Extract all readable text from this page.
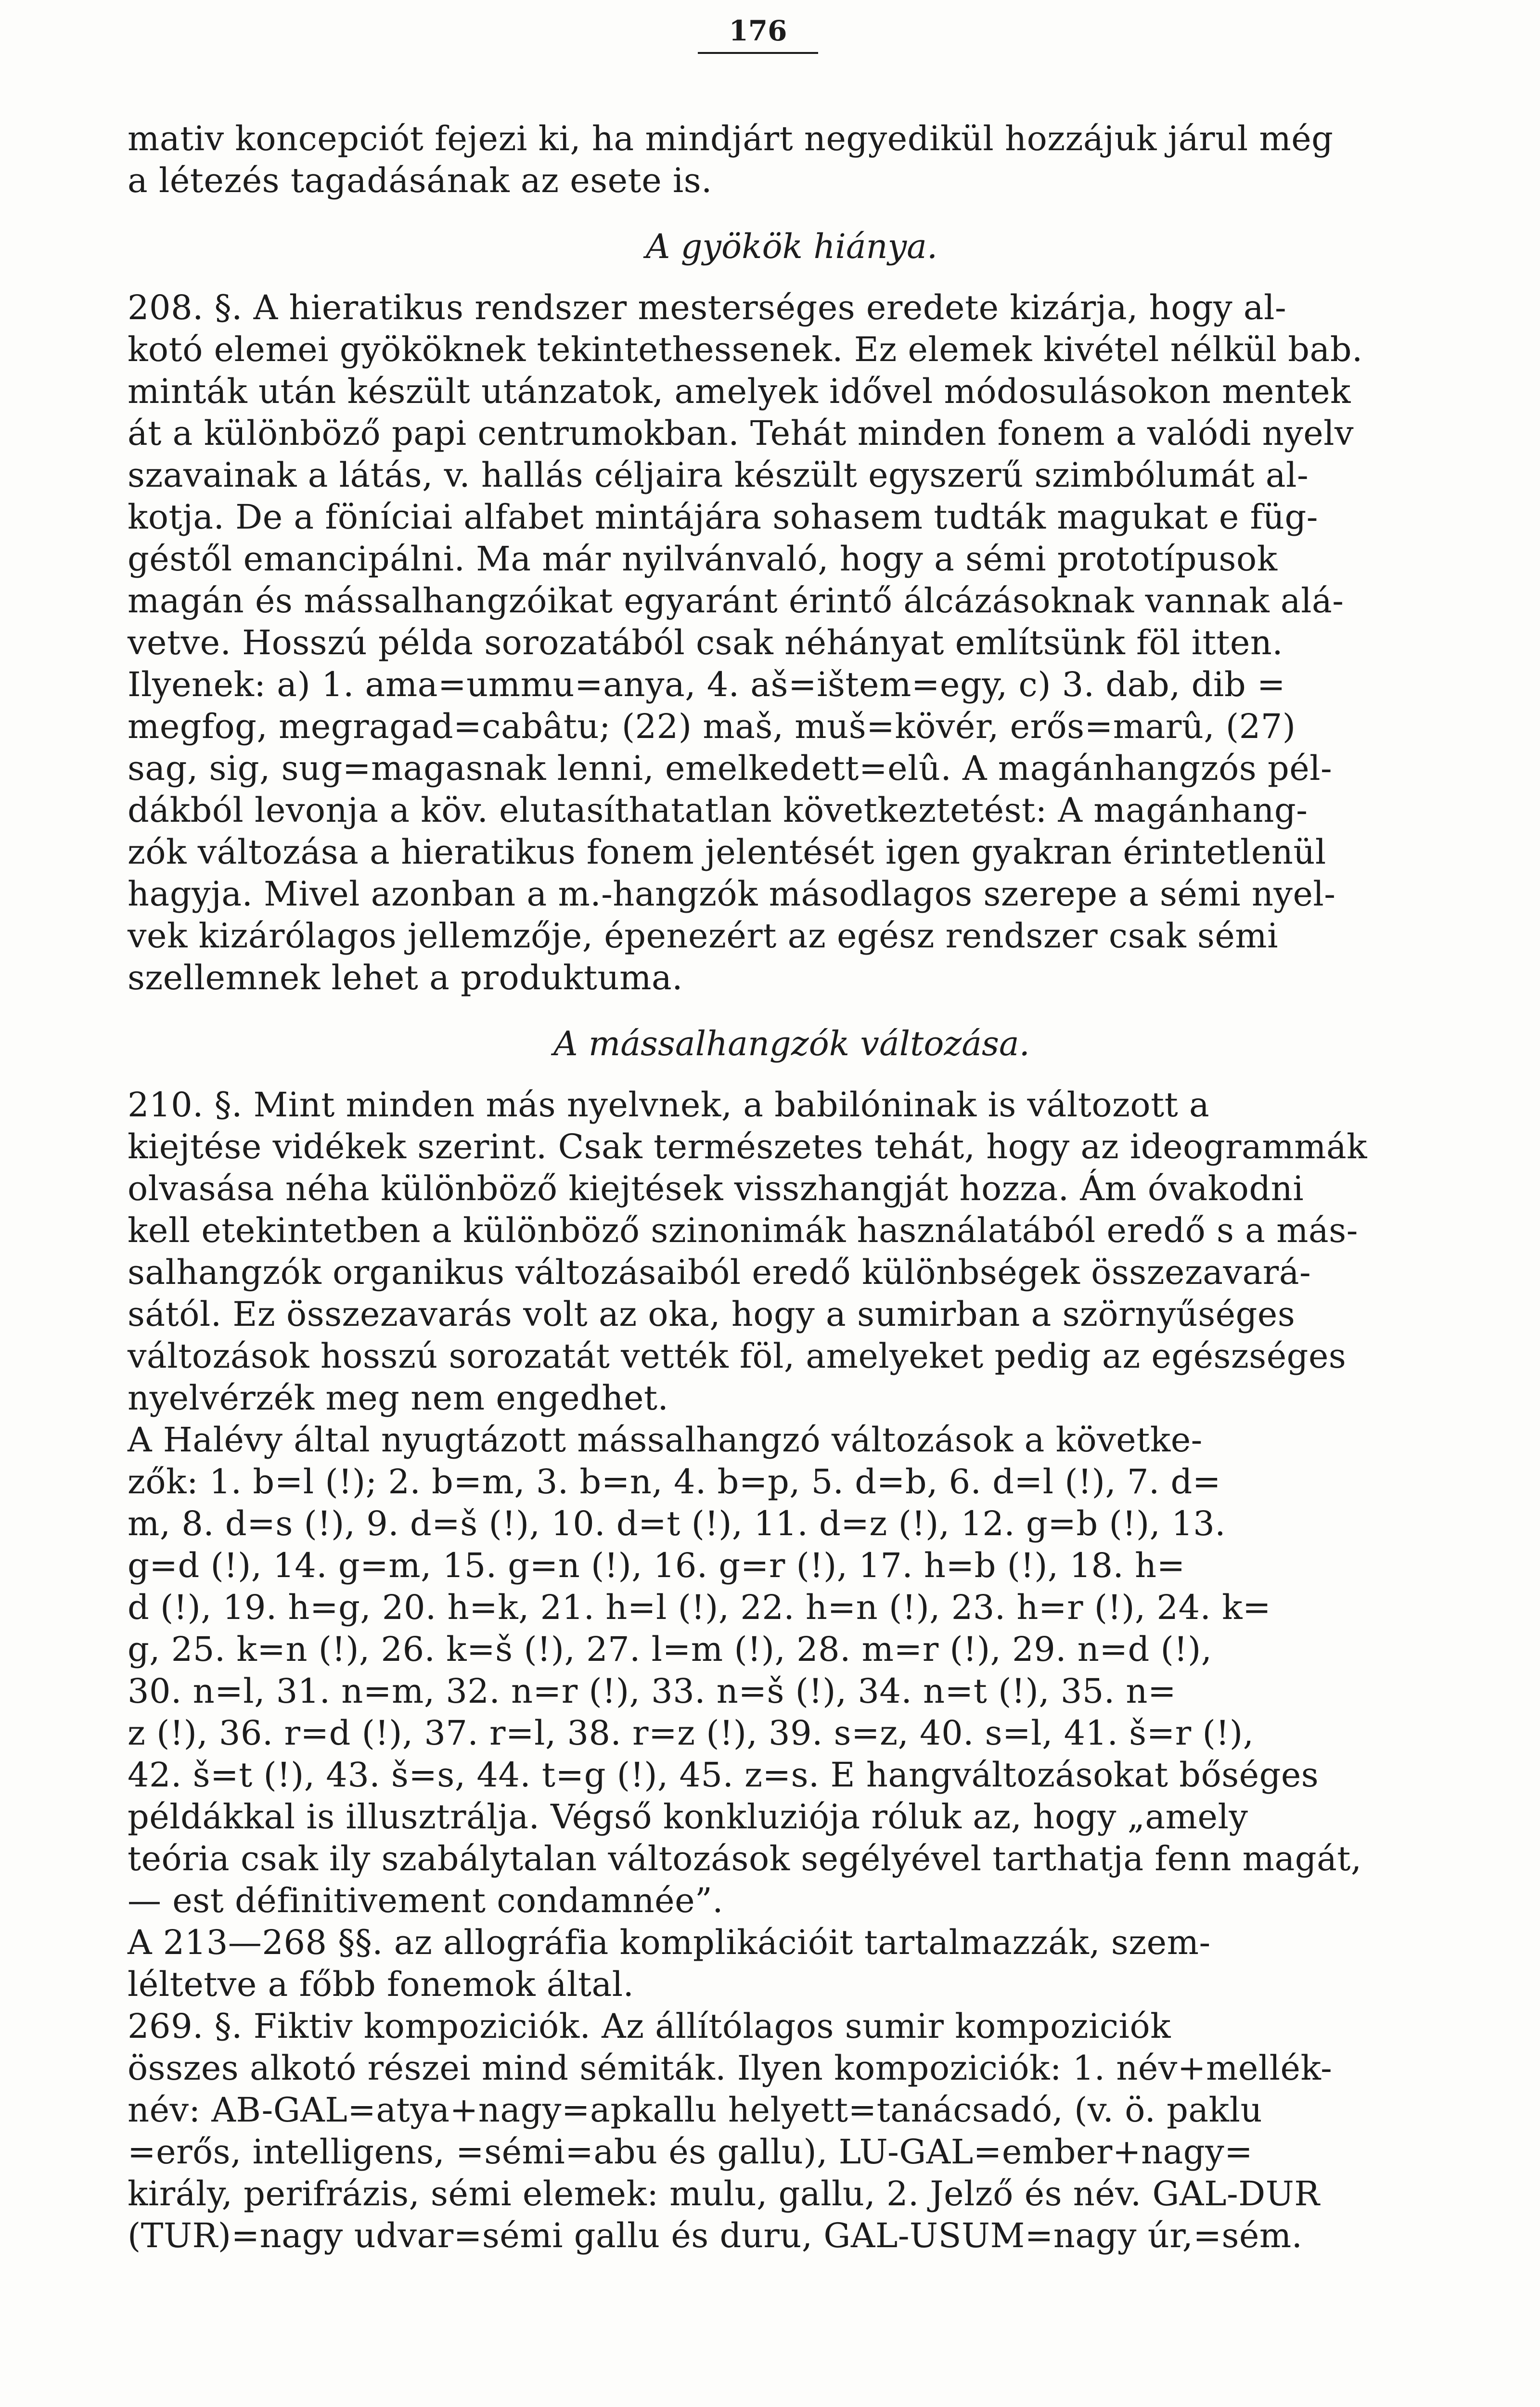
176
mativ koncepciót fejezi ki, ha mindjárt negyedikül hozzájuk járul még
a létezés tagadásának az esete is.
A gyökök hiánya.
208. §. A hieratikus rendszer mesterséges eredete kizárja, hogy al-
kotó elemei gyököknek tekintethessenek. Ez elemek kivétel nélkül bab.
minták után készült utánzatok, amelyek idővel módosulásokon mentek
át a különböző papi centrumokban. Tehát minden fonem a valódi nyelv
szavainak a látás, v. hallás céljaira készült egyszerű szimbólumát al-
kotja. De a föníciai alfabet mintájára sohasem tudták magukat e füg-
géstől emancipálni. Ma már nyilvánvaló, hogy a sémi prototípusok
magán és mássalhangzóikat egyaránt érintő álcázásoknak vannak alá-
vetve. Hosszú példa sorozatából csak néhányat említsünk föl itten.
Ilyenek: a) 1. ama=ummu=anya, 4. aš=ištem=egy, c) 3. dab, dib =
megfog, megragad=cabâtu; (22) maš, muš=kövér, erős=marû, (27)
sag, sig, sug=magasnak lenni, emelkedett=elû. A magánhangzós pél-
dákból levonja a köv. elutasíthatatlan következtetést: A magánhang-
zók változása a hieratikus fonem jelentését igen gyakran érintetlenül
hagyja. Mivel azonban a m.-hangzók másodlagos szerepe a sémi nyel-
vek kizárólagos jellemzője, épenezért az egész rendszer csak sémi
szellemnek lehet a produktuma.
A mássalhangzók változása.
210. §. Mint minden más nyelvnek, a babilóninak is változott a
kiejtése vidékek szerint. Csak természetes tehát, hogy az ideogrammák
olvasása néha különböző kiejtések visszhangját hozza. Ám óvakodni
kell etekintetben a különböző szinonimák használatából eredő s a más-
salhangzók organikus változásaiból eredő különbségek összezavará-
sától. Ez összezavarás volt az oka, hogy a sumirban a szörnyűséges
változások hosszú sorozatát vették föl, amelyeket pedig az egészséges
nyelvérzék meg nem engedhet.
A Halévy által nyugtázott mássalhangzó változások a követke-
zők: 1. b=l (!); 2. b=m, 3. b=n, 4. b=p, 5. d=b, 6. d=l (!), 7. d=
m, 8. d=s (!), 9. d=š (!), 10. d=t (!), 11. d=z (!), 12. g=b (!), 13.
g=d (!), 14. g=m, 15. g=n (!), 16. g=r (!), 17. h=b (!), 18. h=
d (!), 19. h=g, 20. h=k, 21. h=l (!), 22. h=n (!), 23. h=r (!), 24. k=
g, 25. k=n (!), 26. k=š (!), 27. l=m (!), 28. m=r (!), 29. n=d (!),
30. n=l, 31. n=m, 32. n=r (!), 33. n=š (!), 34. n=t (!), 35. n=
z (!), 36. r=d (!), 37. r=l, 38. r=z (!), 39. s=z, 40. s=l, 41. š=r (!),
42. š=t (!), 43. š=s, 44. t=g (!), 45. z=s. E hangváltozásokat bőséges
példákkal is illusztrálja. Végső konkluziója róluk az, hogy „amely
teória csak ily szabálytalan változások segélyével tarthatja fenn magát,
— est définitivement condamnée”.
A 213—268 §§. az allográfia komplikációit tartalmazzák, szem-
léltetve a főbb fonemok által.
269. §. Fiktiv kompoziciók. Az állítólagos sumir kompoziciók
összes alkotó részei mind sémiták. Ilyen kompoziciók: 1. név+mellék-
név: AB-GAL=atya+nagy=apkallu helyett=tanácsadó, (v. ö. paklu
=erős, intelligens, =sémi=abu és gallu), LU-GAL=ember+nagy=
király, perifrázis, sémi elemek: mulu, gallu, 2. Jelző és név. GAL-DUR
(TUR)=nagy udvar=sémi gallu és duru, GAL-USUM=nagy úr,=sém.
